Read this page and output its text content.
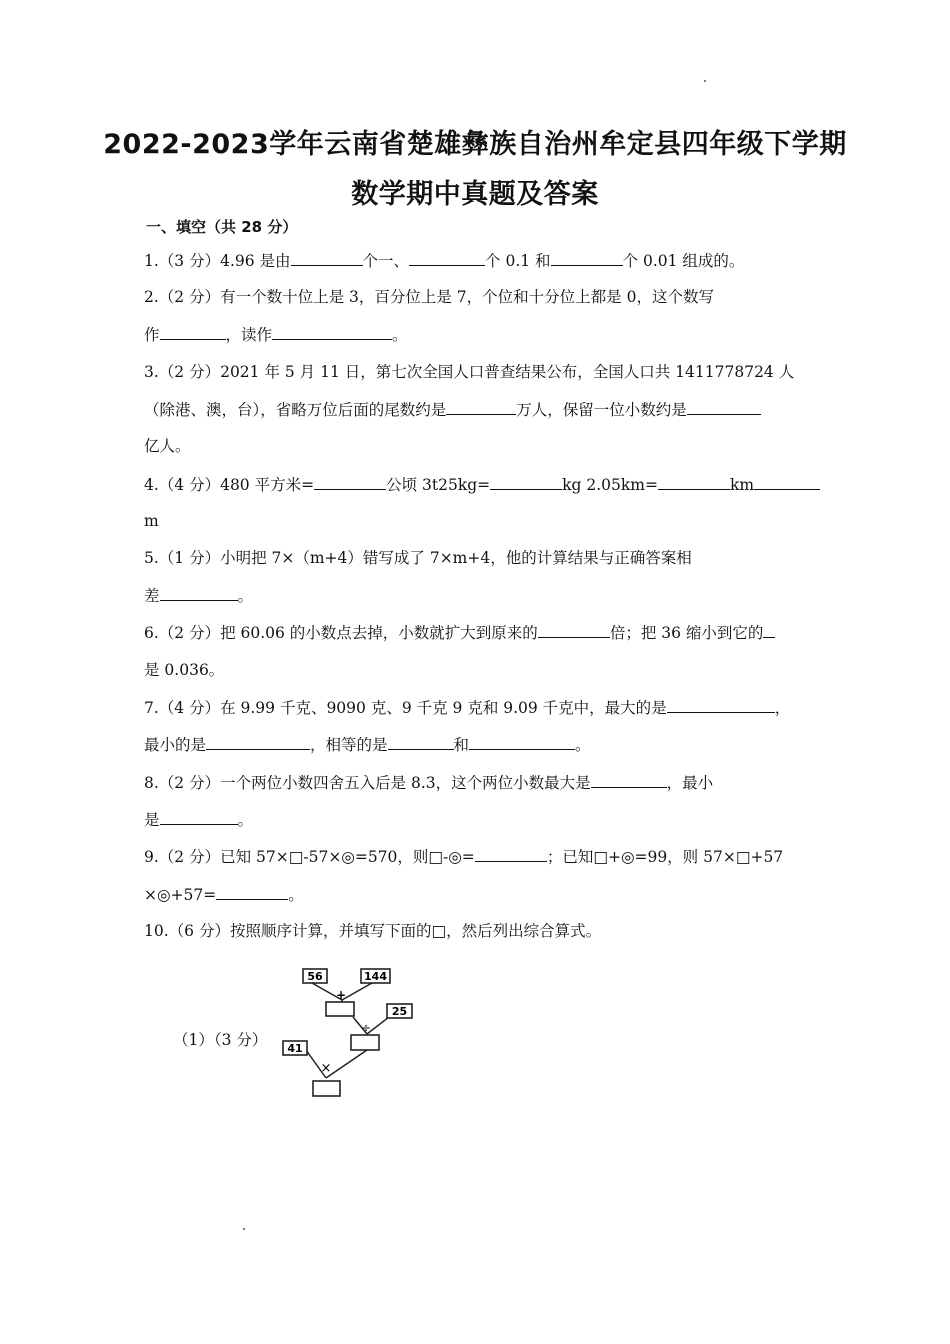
2022-2023学年云南省楚雄彝族自治州牟定县四年级下学期
数学期中真题及答案
一、填空（共 28 分）
1.（3 分）4.96 是由	个一、	个 0.1 和	个 0.01 组成的。
2.（2 分）有一个数十位上是 3，百分位上是 7，个位和十分位上都是 0，这个数写
作	，读作	。
3.（2 分）2021 年 5 月 11 日，第七次全国人口普查结果公布，全国人口共 1411778724 人
（除港、澳，台），省略万位后面的尾数约是	万人，保留一位小数约是
亿人。
4.（4 分）480 平方米=	公顷 3t25kg=	kg 2.05km=	km
m
5.（1 分）小明把 7×（m+4）错写成了 7×m+4，他的计算结果与正确答案相
差	。
6.（2 分）把 60.06 的小数点去掉，小数就扩大到原来的	倍；把 36 缩小到它的
是 0.036。
7.（4 分）在 9.99 千克、9090 克、9 千克 9 克和 9.09 千克中，最大的是	，
最小的是	，相等的是	和	。
8.（2 分）一个两位小数四舍五入后是 8.3，这个两位小数最大是	，最小
是	。
9.（2 分）已知 57×□-57×◎=570，则□-◎=	；已知□+◎=99，则 57×□+57
×◎+57=	。
10.（6 分）按照顺序计算，并填写下面的□，然后列出综合算式。
（1）（3 分）
56	144
+
25
÷
41
×
